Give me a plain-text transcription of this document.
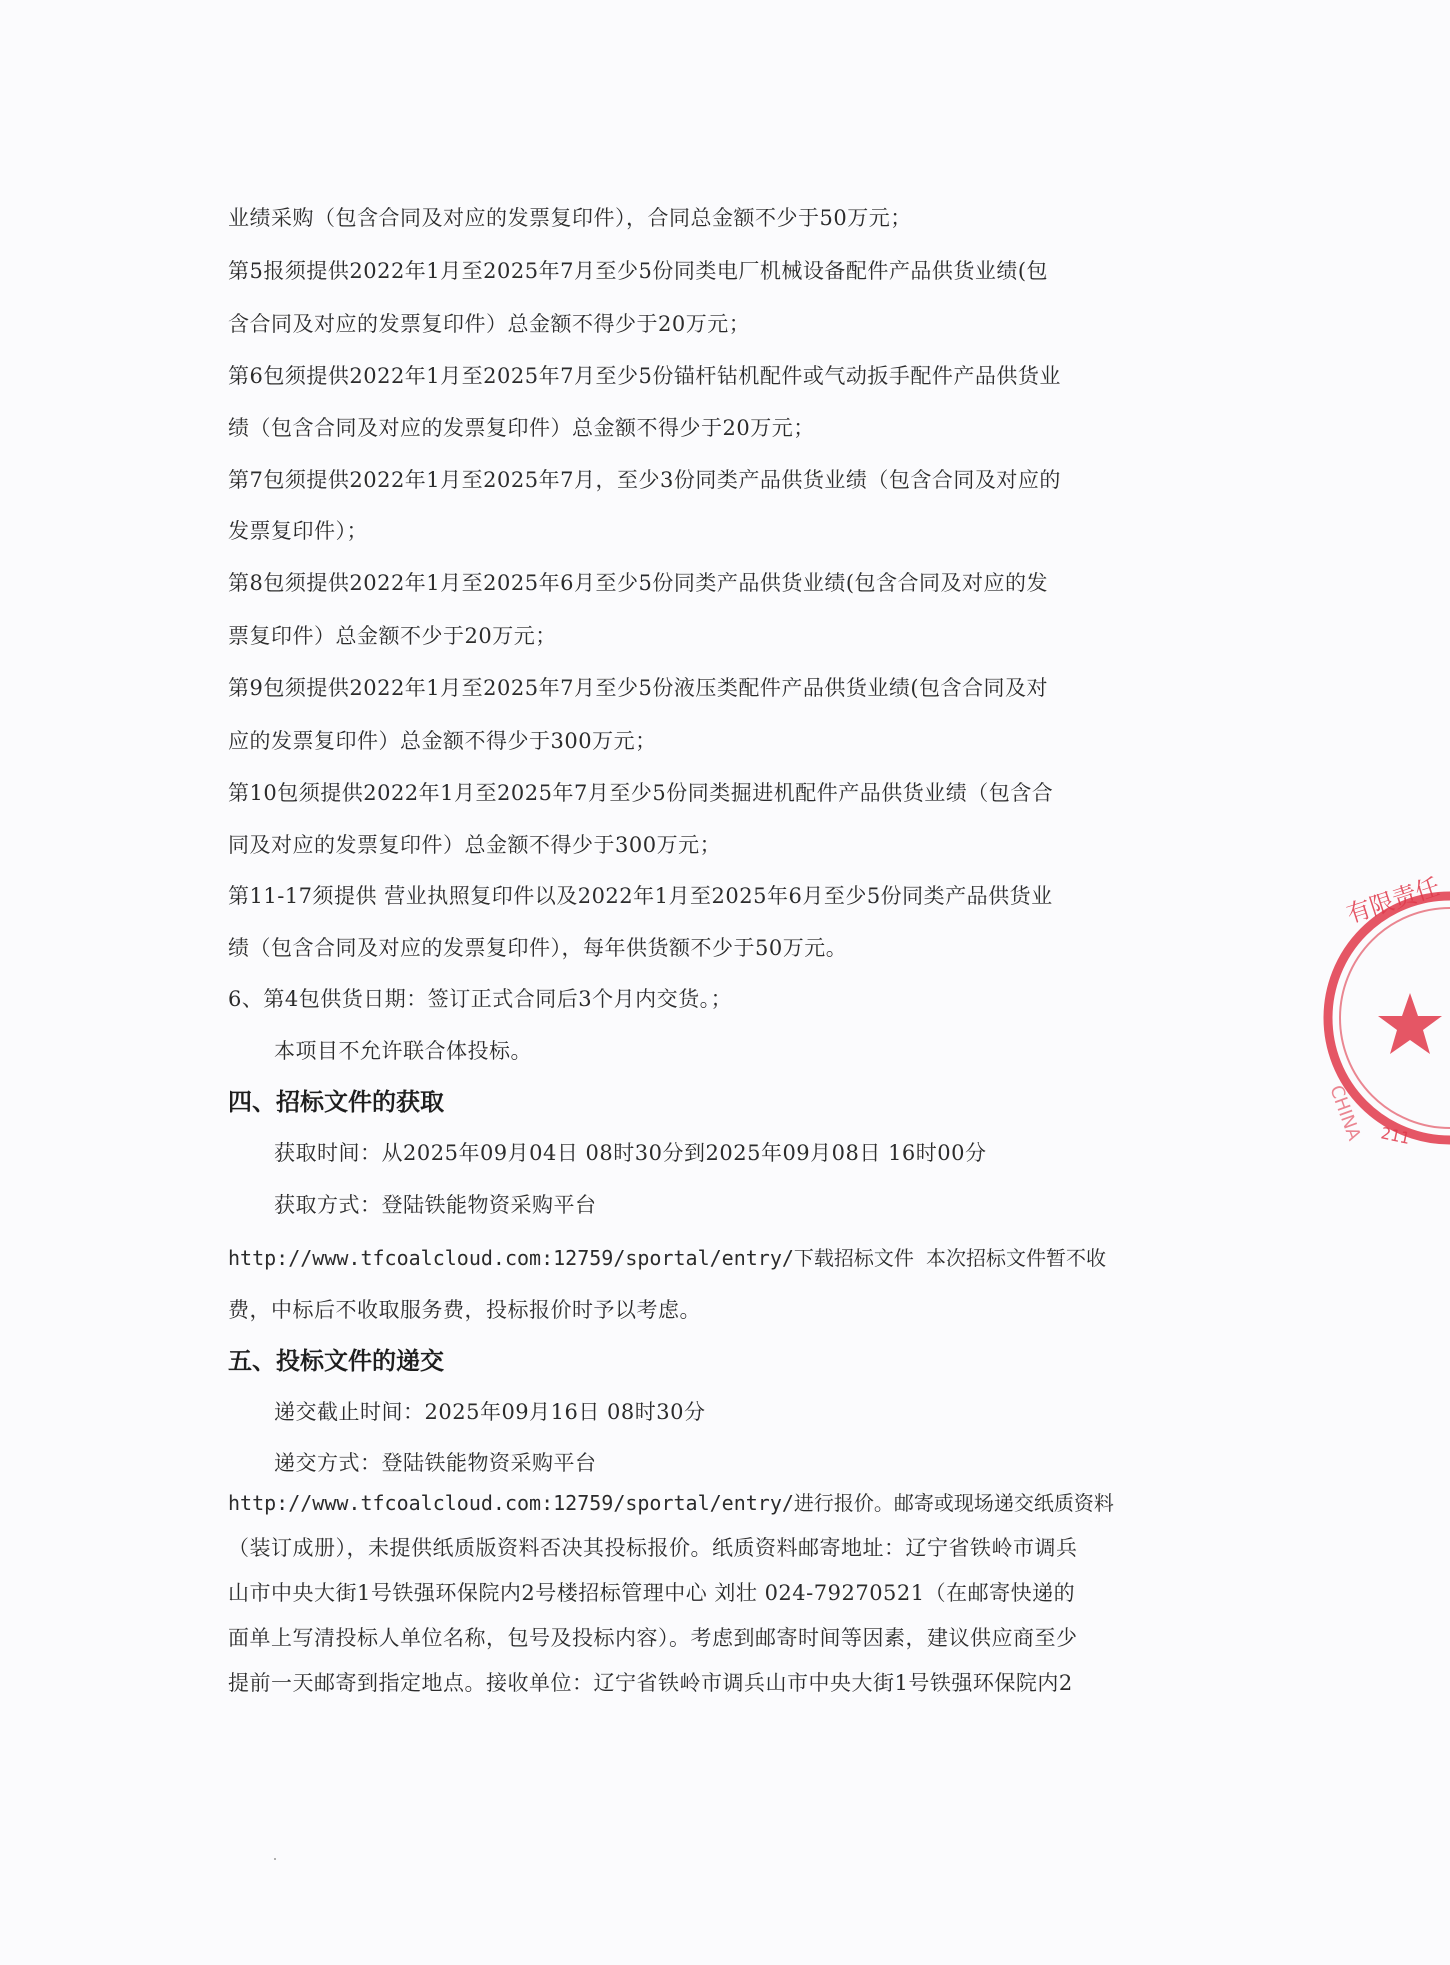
业绩采购（包含合同及对应的发票复印件），合同总金额不少于50万元；
第5报须提供2022年1月至2025年7月至少5份同类电厂机械设备配件产品供货业绩(包
含合同及对应的发票复印件）总金额不得少于20万元；
第6包须提供2022年1月至2025年7月至少5份锚杆钻机配件或气动扳手配件产品供货业
绩（包含合同及对应的发票复印件）总金额不得少于20万元；
第7包须提供2022年1月至2025年7月，至少3份同类产品供货业绩（包含合同及对应的
发票复印件）；
第8包须提供2022年1月至2025年6月至少5份同类产品供货业绩(包含合同及对应的发
票复印件）总金额不少于20万元；
第9包须提供2022年1月至2025年7月至少5份液压类配件产品供货业绩(包含合同及对
应的发票复印件）总金额不得少于300万元；
第10包须提供2022年1月至2025年7月至少5份同类掘进机配件产品供货业绩（包含合
同及对应的发票复印件）总金额不得少于300万元；
第11-17须提供 营业执照复印件以及2022年1月至2025年6月至少5份同类产品供货业
绩（包含合同及对应的发票复印件），每年供货额不少于50万元。
6、第4包供货日期：签订正式合同后3个月内交货。；
本项目不允许联合体投标。
四、招标文件的获取
获取时间：从2025年09月04日 08时30分到2025年09月08日 16时00分
获取方式：登陆铁能物资采购平台
http://www.tfcoalcloud.com:12759/sportal/entry/下载招标文件 本次招标文件暂不收
费，中标后不收取服务费，投标报价时予以考虑。
五、投标文件的递交
递交截止时间：2025年09月16日 08时30分
递交方式：登陆铁能物资采购平台
http://www.tfcoalcloud.com:12759/sportal/entry/进行报价。邮寄或现场递交纸质资料
（装订成册），未提供纸质版资料否决其投标报价。纸质资料邮寄地址：辽宁省铁岭市调兵
山市中央大街1号铁强环保院内2号楼招标管理中心 刘壮 024-79270521（在邮寄快递的
面单上写清投标人单位名称，包号及投标内容）。考虑到邮寄时间等因素，建议供应商至少
提前一天邮寄到指定地点。接收单位：辽宁省铁岭市调兵山市中央大街1号铁强环保院内2
有限责任
211
CHINA
